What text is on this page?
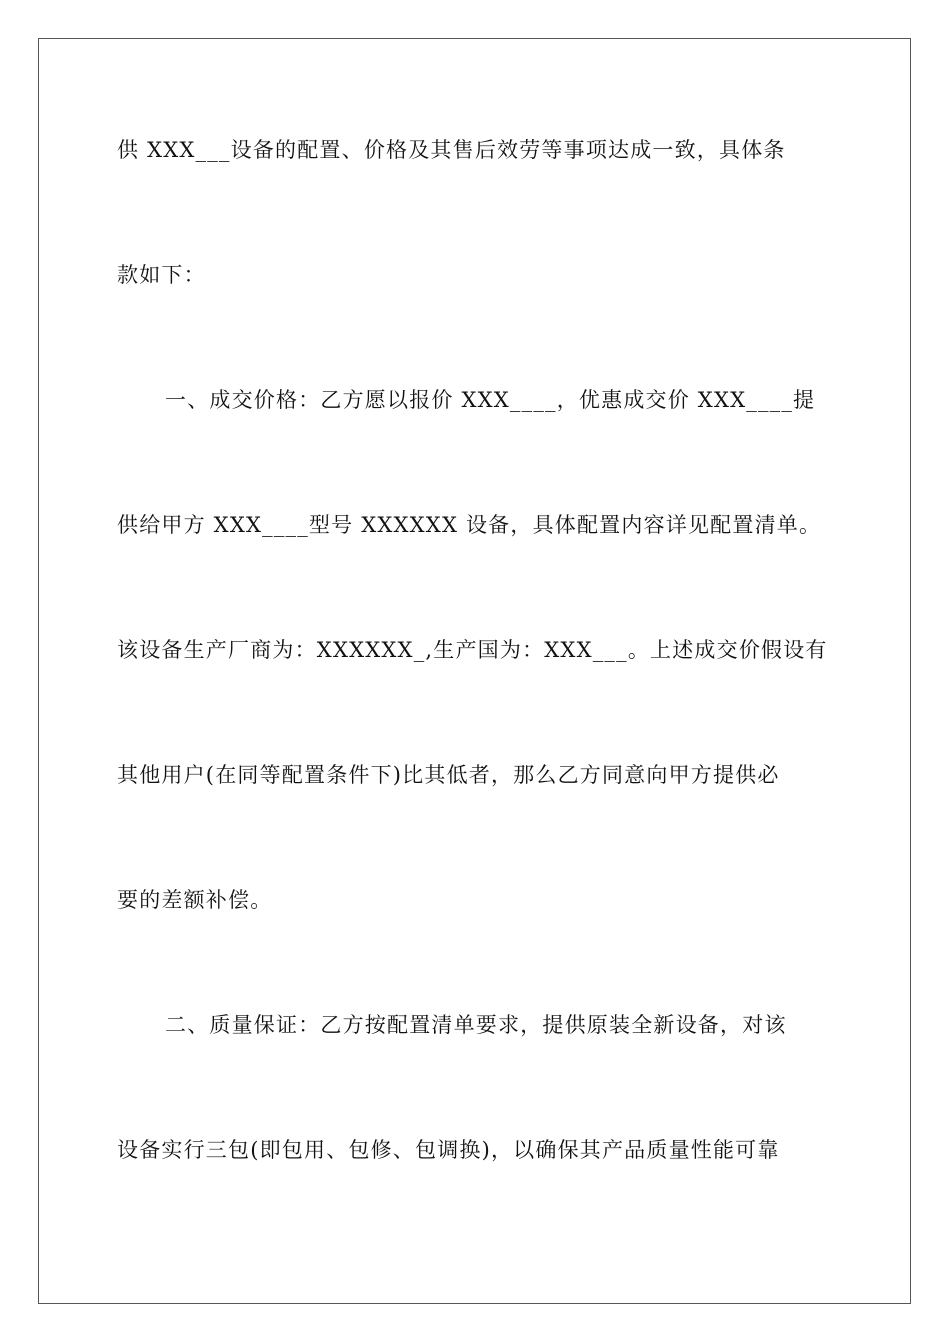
供 XXX___设备的配置、价格及其售后效劳等事项达成一致，具体条
款如下：
一、成交价格：乙方愿以报价 XXX____，优惠成交价 XXX____提
供给甲方 XXX____型号 XXXXXX 设备，具体配置内容详见配置清单。
该设备生产厂商为：XXXXXX_,生产国为：XXX___。上述成交价假设有
其他用户(在同等配置条件下)比其低者，那么乙方同意向甲方提供必
要的差额补偿。
二、质量保证：乙方按配置清单要求，提供原装全新设备，对该
设备实行三包(即包用、包修、包调换)，以确保其产品质量性能可靠
